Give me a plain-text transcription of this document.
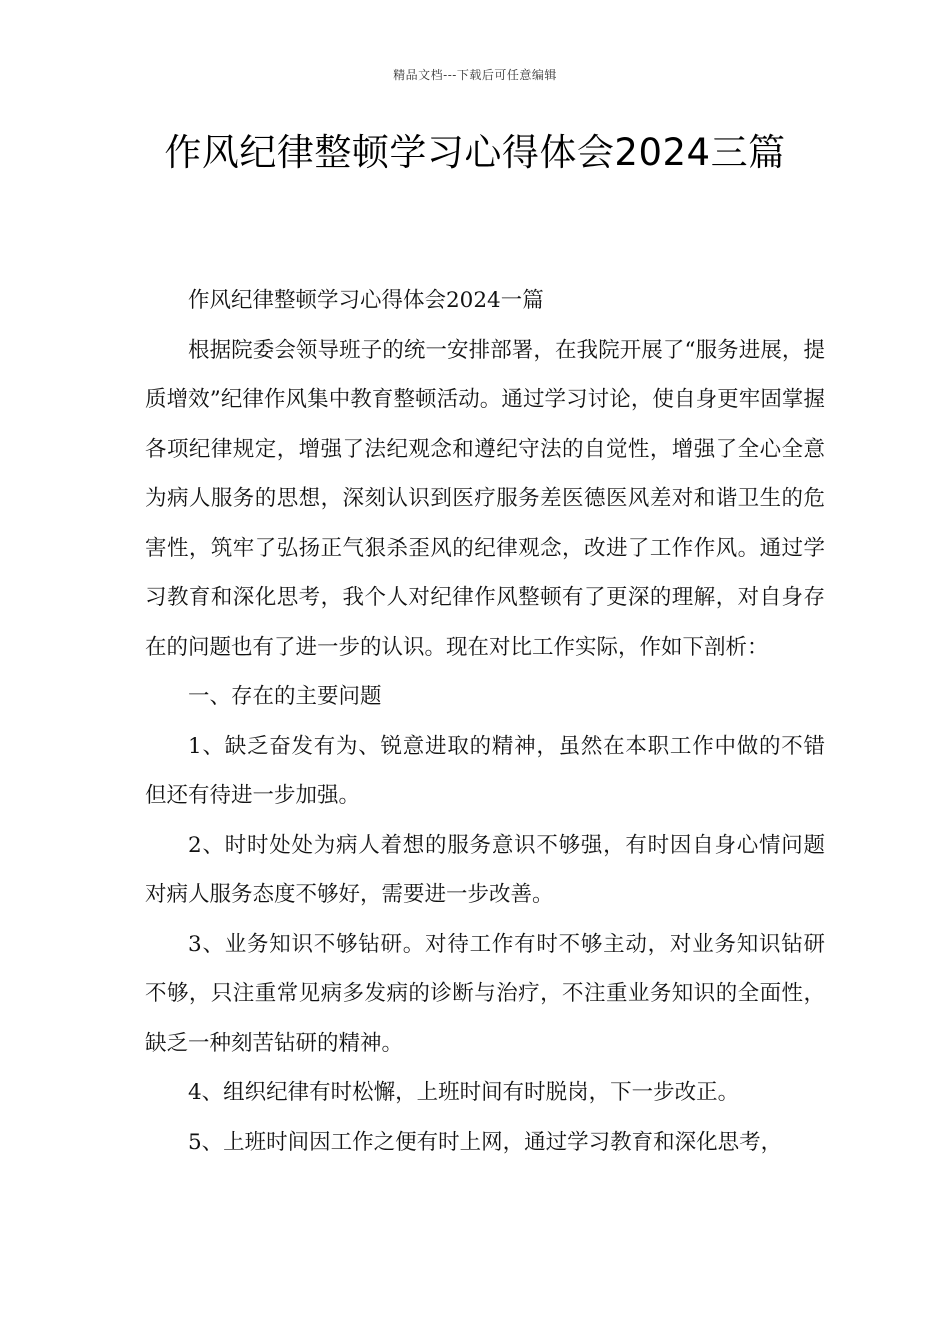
精品文档---下载后可任意编辑
作风纪律整顿学习心得体会2024三篇

作风纪律整顿学习心得体会2024一篇

根据院委会领导班子的统一安排部署，在我院开展了“服务进展，提质增效”纪律作风集中教育整顿活动。通过学习讨论，使自身更牢固掌握各项纪律规定，增强了法纪观念和遵纪守法的自觉性，增强了全心全意为病人服务的思想，深刻认识到医疗服务差医德医风差对和谐卫生的危害性，筑牢了弘扬正气狠杀歪风的纪律观念，改进了工作作风。通过学习教育和深化思考，我个人对纪律作风整顿有了更深的理解，对自身存在的问题也有了进一步的认识。现在对比工作实际，作如下剖析：

一、存在的主要问题

1、缺乏奋发有为、锐意进取的精神，虽然在本职工作中做的不错但还有待进一步加强。

2、时时处处为病人着想的服务意识不够强，有时因自身心情问题对病人服务态度不够好，需要进一步改善。

3、业务知识不够钻研。对待工作有时不够主动，对业务知识钻研不够，只注重常见病多发病的诊断与治疗，不注重业务知识的全面性，缺乏一种刻苦钻研的精神。

4、组织纪律有时松懈，上班时间有时脱岗，下一步改正。

5、上班时间因工作之便有时上网，通过学习教育和深化思考，
